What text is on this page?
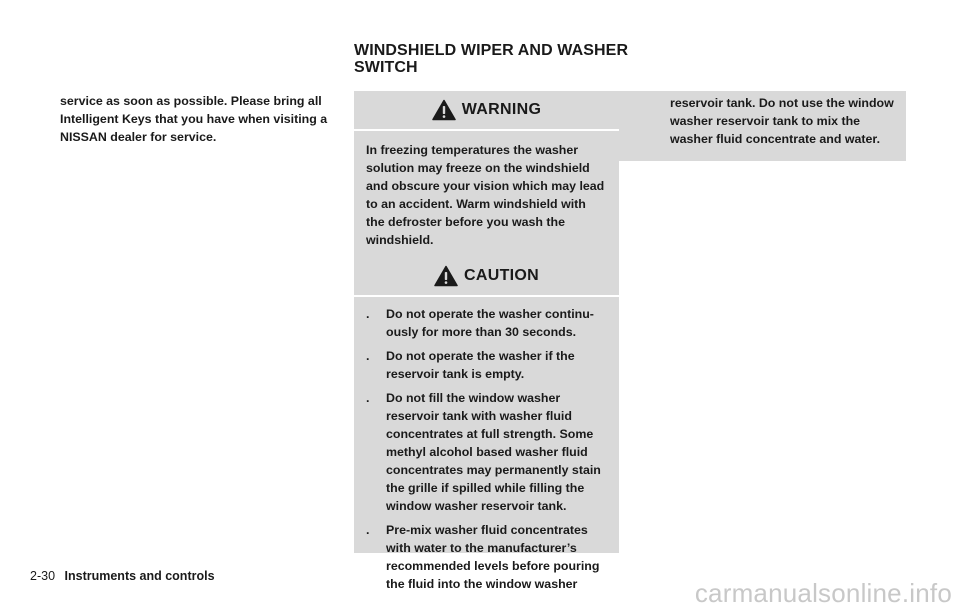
service as soon as possible. Please bring all Intelligent Keys that you have when visiting a NISSAN dealer for service.
WINDSHIELD WIPER AND WASHER
SWITCH
WARNING
In freezing temperatures the washer solution may freeze on the windshield and obscure your vision which may lead to an accident. Warm windshield with the defroster before you wash the windshield.
CAUTION
.	Do not operate the washer continu-ously for more than 30 seconds.
.	Do not operate the washer if the reservoir tank is empty.
.	Do not fill the window washer reservoir tank with washer fluid concentrates at full strength. Some methyl alcohol based washer fluid concentrates may permanently stain the grille if spilled while filling the window washer reservoir tank.
.	Pre-mix washer fluid concentrates with water to the manufacturer’s recommended levels before pouring the fluid into the window washer
reservoir tank. Do not use the window washer reservoir tank to mix the washer fluid concentrate and water.
2-30 Instruments and controls
carmanualsonline.info
